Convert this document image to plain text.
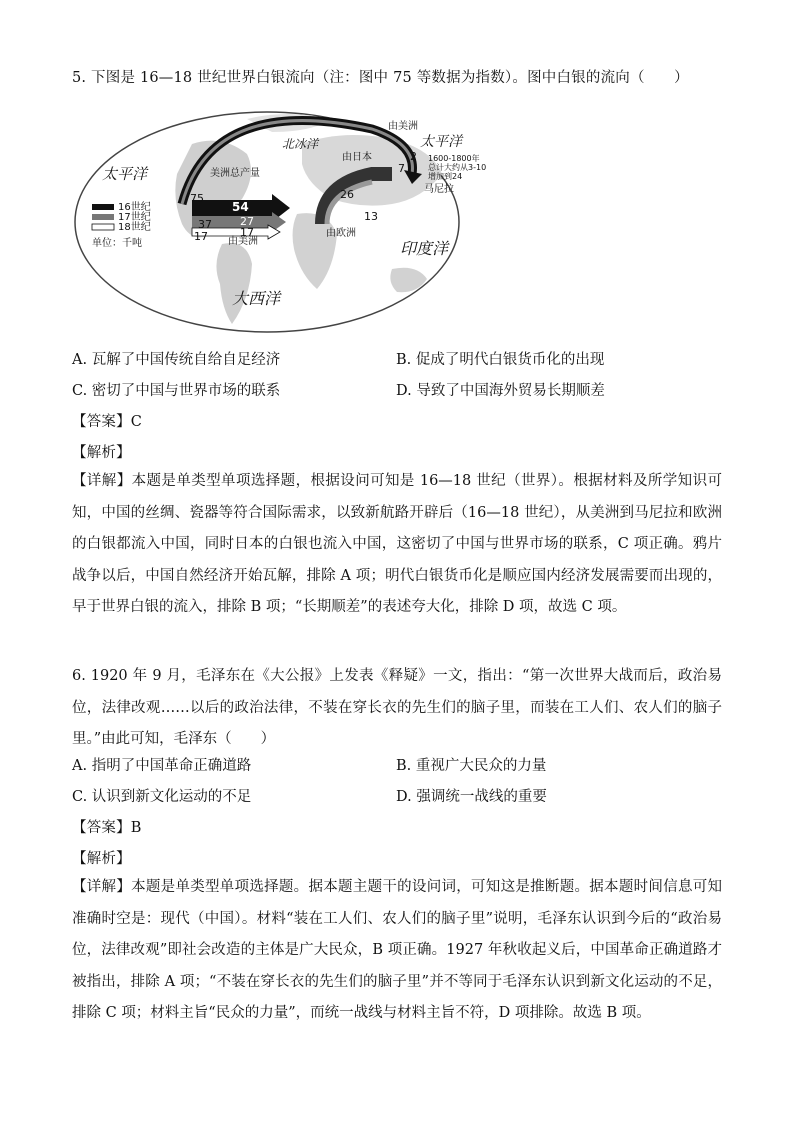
5. 下图是 16—18 世纪世界白银流向（注：图中 75 等数据为指数）。图中白银的流向（　　）
太平洋
北冰洋	太平洋
印度洋
大西洋
16世纪
17世纪
18世纪
单位：千吨
美洲总产量
75
54
27
37
17	17
26
13
2
7
由美洲
由美洲
由日本
由欧洲
马尼拉
1600-1800年
总计大约从3-10
增加到24
A. 瓦解了中国传统自给自足经济	B. 促成了明代白银货币化的出现
C. 密切了中国与世界市场的联系	D. 导致了中国海外贸易长期顺差
【答案】C
【解析】
【详解】本题是单类型单项选择题，根据设问可知是 16—18 世纪（世界）。根据材料及所学知识可知，中国的丝绸、瓷器等符合国际需求，以致新航路开辟后（16—18 世纪），从美洲到马尼拉和欧洲的白银都流入中国，同时日本的白银也流入中国，这密切了中国与世界市场的联系，C 项正确。鸦片战争以后，中国自然经济开始瓦解，排除 A 项；明代白银货币化是顺应国内经济发展需要而出现的，早于世界白银的流入，排除 B 项；“长期顺差”的表述夸大化，排除 D 项，故选 C 项。
6. 1920 年 9 月，毛泽东在《大公报》上发表《释疑》一文，指出：“第一次世界大战而后，政治易位，法律改观……以后的政治法律，不装在穿长衣的先生们的脑子里，而装在工人们、农人们的脑子里。”由此可知，毛泽东（　　）
A. 指明了中国革命正确道路	B. 重视广大民众的力量
C. 认识到新文化运动的不足	D. 强调统一战线的重要
【答案】B
【解析】
【详解】本题是单类型单项选择题。据本题主题干的设问词，可知这是推断题。据本题时间信息可知准确时空是：现代（中国）。材料“装在工人们、农人们的脑子里”说明，毛泽东认识到今后的“政治易位，法律改观”即社会改造的主体是广大民众，B 项正确。1927 年秋收起义后，中国革命正确道路才被指出，排除 A 项；“不装在穿长衣的先生们的脑子里”并不等同于毛泽东认识到新文化运动的不足，排除 C 项；材料主旨“民众的力量”，而统一战线与材料主旨不符，D 项排除。故选 B 项。
